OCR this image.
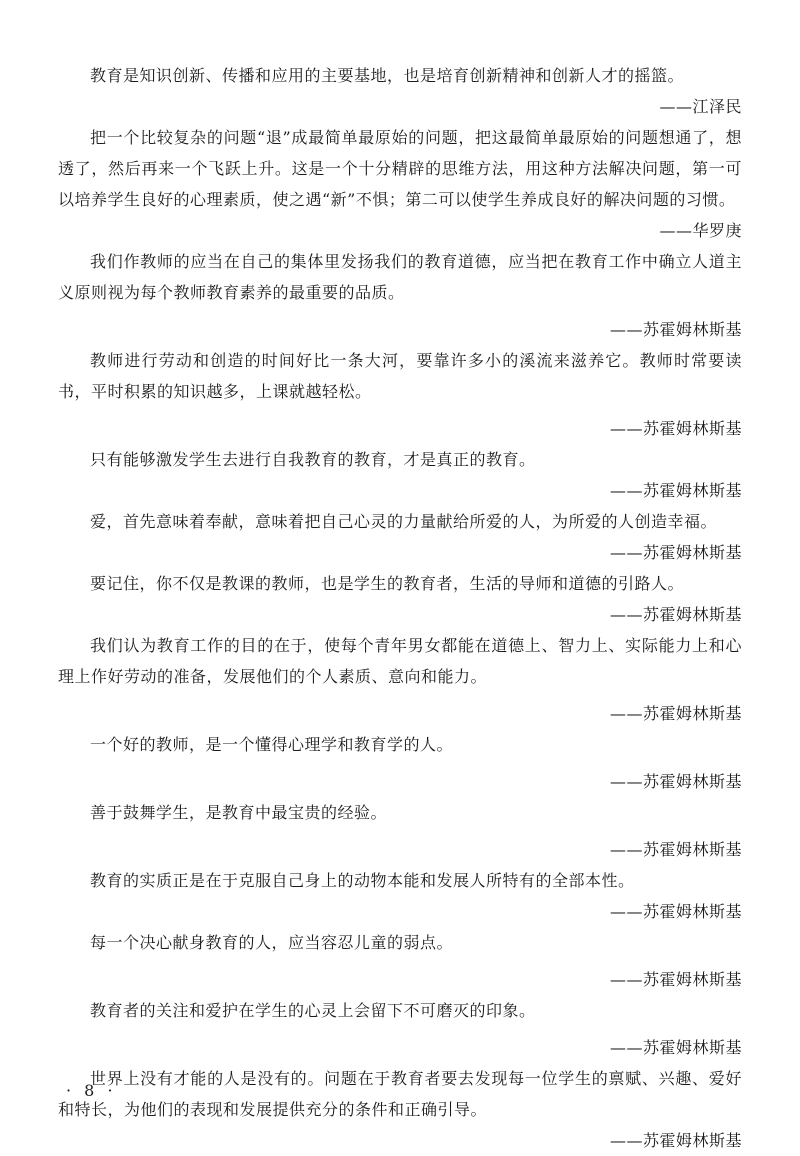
教育是知识创新、传播和应用的主要基地，也是培育创新精神和创新人才的摇篮。

——江泽民

把一个比较复杂的问题“退”成最简单最原始的问题，把这最简单最原始的问题想通了，想透了，然后再来一个飞跃上升。这是一个十分精辟的思维方法，用这种方法解决问题，第一可以培养学生良好的心理素质，使之遇“新”不惧；第二可以使学生养成良好的解决问题的习惯。

——华罗庚

我们作教师的应当在自己的集体里发扬我们的教育道德，应当把在教育工作中确立人道主义原则视为每个教师教育素养的最重要的品质。

——苏霍姆林斯基

教师进行劳动和创造的时间好比一条大河，要靠许多小的溪流来滋养它。教师时常要读书，平时积累的知识越多，上课就越轻松。

——苏霍姆林斯基

只有能够激发学生去进行自我教育的教育，才是真正的教育。

——苏霍姆林斯基

爱，首先意味着奉献，意味着把自己心灵的力量献给所爱的人，为所爱的人创造幸福。

——苏霍姆林斯基

要记住，你不仅是教课的教师，也是学生的教育者，生活的导师和道德的引路人。

——苏霍姆林斯基

我们认为教育工作的目的在于，使每个青年男女都能在道德上、智力上、实际能力上和心理上作好劳动的准备，发展他们的个人素质、意向和能力。

——苏霍姆林斯基

一个好的教师，是一个懂得心理学和教育学的人。

——苏霍姆林斯基

善于鼓舞学生，是教育中最宝贵的经验。

——苏霍姆林斯基

教育的实质正是在于克服自己身上的动物本能和发展人所特有的全部本性。

——苏霍姆林斯基

每一个决心献身教育的人，应当容忍儿童的弱点。

——苏霍姆林斯基

教育者的关注和爱护在学生的心灵上会留下不可磨灭的印象。

——苏霍姆林斯基

世界上没有才能的人是没有的。问题在于教育者要去发现每一位学生的禀赋、兴趣、爱好和特长，为他们的表现和发展提供充分的条件和正确引导。

——苏霍姆林斯基
· 8 ·
